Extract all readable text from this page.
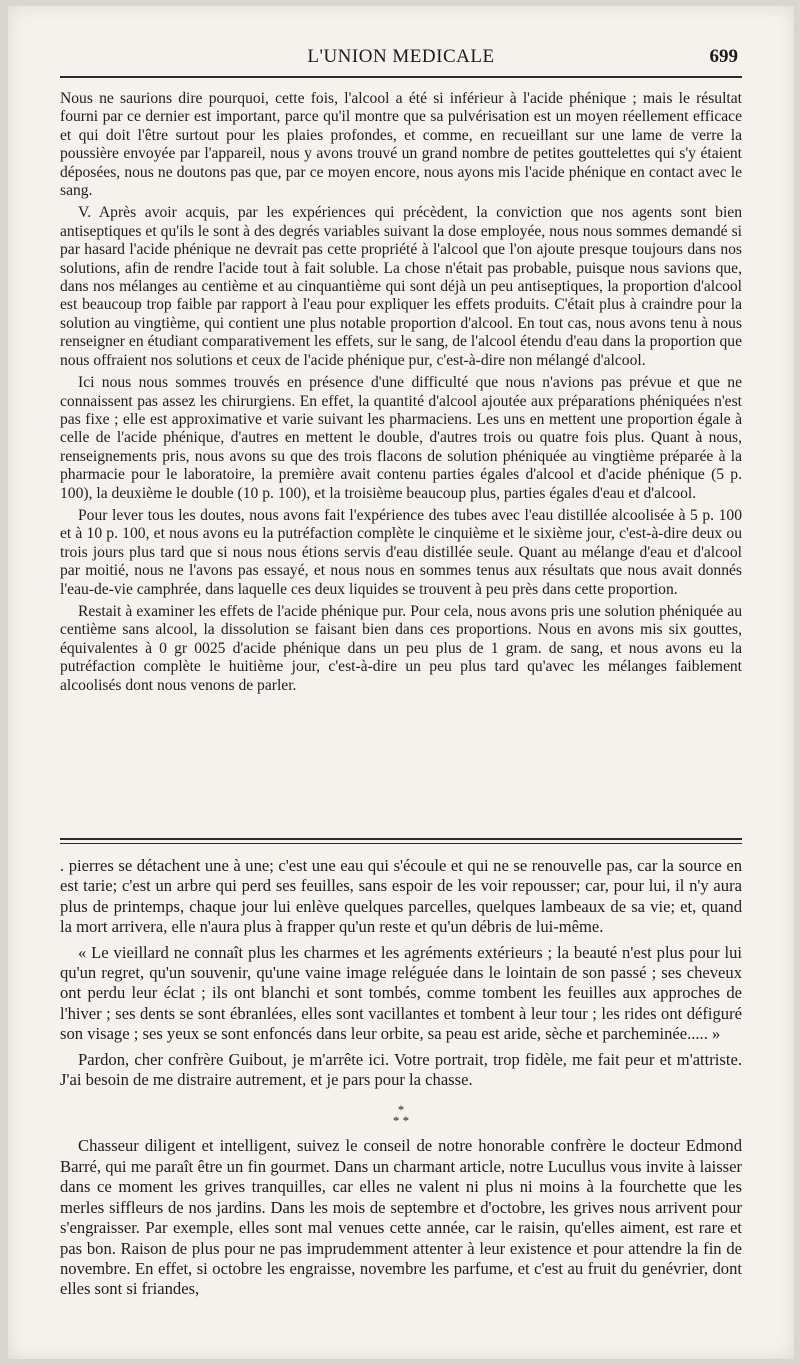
L'UNION MEDICALE	699

Nous ne saurions dire pourquoi, cette fois, l'alcool a été si inférieur à l'acide phénique ; mais le résultat fourni par ce dernier est important, parce qu'il montre que sa pulvérisation est un moyen réellement efficace et qui doit l'être surtout pour les plaies profondes, et comme, en recueillant sur une lame de verre la poussière envoyée par l'appareil, nous y avons trouvé un grand nombre de petites gouttelettes qui s'y étaient déposées, nous ne doutons pas que, par ce moyen encore, nous ayons mis l'acide phénique en contact avec le sang.

V. Après avoir acquis, par les expériences qui précèdent, la conviction que nos agents sont bien antiseptiques et qu'ils le sont à des degrés variables suivant la dose employée, nous nous sommes demandé si par hasard l'acide phénique ne devrait pas cette propriété à l'alcool que l'on ajoute presque toujours dans nos solutions, afin de rendre l'acide tout à fait soluble. La chose n'était pas probable, puisque nous savions que, dans nos mélanges au centième et au cinquantième qui sont déjà un peu antiseptiques, la proportion d'alcool est beaucoup trop faible par rapport à l'eau pour expliquer les effets produits. C'était plus à craindre pour la solution au vingtième, qui contient une plus notable proportion d'alcool. En tout cas, nous avons tenu à nous renseigner en étudiant comparativement les effets, sur le sang, de l'alcool étendu d'eau dans la proportion que nous offraient nos solutions et ceux de l'acide phénique pur, c'est-à-dire non mélangé d'alcool.

Ici nous nous sommes trouvés en présence d'une difficulté que nous n'avions pas prévue et que ne connaissent pas assez les chirurgiens. En effet, la quantité d'alcool ajoutée aux préparations phéniquées n'est pas fixe ; elle est approximative et varie suivant les pharmaciens. Les uns en mettent une proportion égale à celle de l'acide phénique, d'autres en mettent le double, d'autres trois ou quatre fois plus. Quant à nous, renseignements pris, nous avons su que des trois flacons de solution phéniquée au vingtième préparée à la pharmacie pour le laboratoire, la première avait contenu parties égales d'alcool et d'acide phénique (5 p. 100), la deuxième le double (10 p. 100), et la troisième beaucoup plus, parties égales d'eau et d'alcool.

Pour lever tous les doutes, nous avons fait l'expérience des tubes avec l'eau distillée alcoolisée à 5 p. 100 et à 10 p. 100, et nous avons eu la putréfaction complète le cinquième et le sixième jour, c'est-à-dire deux ou trois jours plus tard que si nous nous étions servis d'eau distillée seule. Quant au mélange d'eau et d'alcool par moitié, nous ne l'avons pas essayé, et nous nous en sommes tenus aux résultats que nous avait donnés l'eau-de-vie camphrée, dans laquelle ces deux liquides se trouvent à peu près dans cette proportion.

Restait à examiner les effets de l'acide phénique pur. Pour cela, nous avons pris une solution phéniquée au centième sans alcool, la dissolution se faisant bien dans ces proportions. Nous en avons mis six gouttes, équivalentes à 0 gr 0025 d'acide phénique dans un peu plus de 1 gram. de sang, et nous avons eu la putréfaction complète le huitième jour, c'est-à-dire un peu plus tard qu'avec les mélanges faiblement alcoolisés dont nous venons de parler.

. pierres se détachent une à une; c'est une eau qui s'écoule et qui ne se renouvelle pas, car la source en est tarie; c'est un arbre qui perd ses feuilles, sans espoir de les voir repousser; car, pour lui, il n'y aura plus de printemps, chaque jour lui enlève quelques parcelles, quelques lambeaux de sa vie; et, quand la mort arrivera, elle n'aura plus à frapper qu'un reste et qu'un débris de lui-même.

« Le vieillard ne connaît plus les charmes et les agréments extérieurs ; la beauté n'est plus pour lui qu'un regret, qu'un souvenir, qu'une vaine image reléguée dans le lointain de son passé ; ses cheveux ont perdu leur éclat ; ils ont blanchi et sont tombés, comme tombent les feuilles aux approches de l'hiver ; ses dents se sont ébranlées, elles sont vacillantes et tombent à leur tour ; les rides ont défiguré son visage ; ses yeux se sont enfoncés dans leur orbite, sa peau est aride, sèche et parcheminée..... »

Pardon, cher confrère Guibout, je m'arrête ici. Votre portrait, trop fidèle, me fait peur et m'attriste. J'ai besoin de me distraire autrement, et je pars pour la chasse.

*
* *

Chasseur diligent et intelligent, suivez le conseil de notre honorable confrère le docteur Edmond Barré, qui me paraît être un fin gourmet. Dans un charmant article, notre Lucullus vous invite à laisser dans ce moment les grives tranquilles, car elles ne valent ni plus ni moins à la fourchette que les merles siffleurs de nos jardins. Dans les mois de septembre et d'octobre, les grives nous arrivent pour s'engraisser. Par exemple, elles sont mal venues cette année, car le raisin, qu'elles aiment, est rare et pas bon. Raison de plus pour ne pas imprudemment attenter à leur existence et pour attendre la fin de novembre. En effet, si octobre les engraisse, novembre les parfume, et c'est au fruit du genévrier, dont elles sont si friandes,
